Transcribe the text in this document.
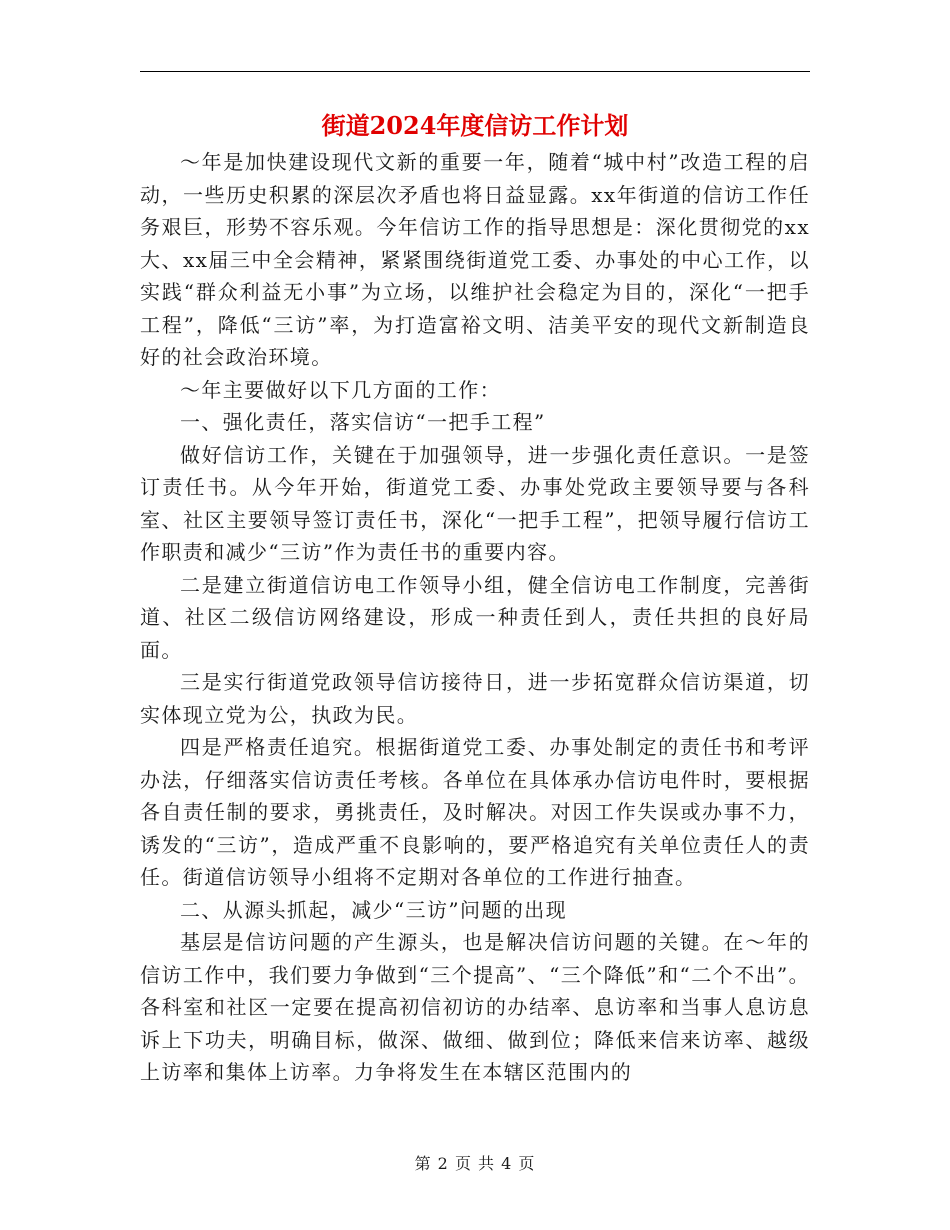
街道2024年度信访工作计划

～年是加快建设现代文新的重要一年，随着“城中村”改造工程的启动，一些历史积累的深层次矛盾也将日益显露。xx年街道的信访工作任务艰巨，形势不容乐观。今年信访工作的指导思想是：深化贯彻党的xx大、xx届三中全会精神，紧紧围绕街道党工委、办事处的中心工作，以实践“群众利益无小事”为立场，以维护社会稳定为目的，深化“一把手工程”，降低“三访”率，为打造富裕文明、洁美平安的现代文新制造良好的社会政治环境。

～年主要做好以下几方面的工作：

一、强化责任，落实信访“一把手工程”

做好信访工作，关键在于加强领导，进一步强化责任意识。一是签订责任书。从今年开始，街道党工委、办事处党政主要领导要与各科室、社区主要领导签订责任书，深化“一把手工程”，把领导履行信访工作职责和减少“三访”作为责任书的重要内容。

二是建立街道信访电工作领导小组，健全信访电工作制度，完善街道、社区二级信访网络建设，形成一种责任到人，责任共担的良好局面。

三是实行街道党政领导信访接待日，进一步拓宽群众信访渠道，切实体现立党为公，执政为民。

四是严格责任追究。根据街道党工委、办事处制定的责任书和考评办法，仔细落实信访责任考核。各单位在具体承办信访电件时，要根据各自责任制的要求，勇挑责任，及时解决。对因工作失误或办事不力，诱发的“三访”，造成严重不良影响的，要严格追究有关单位责任人的责任。街道信访领导小组将不定期对各单位的工作进行抽查。

二、从源头抓起，减少“三访”问题的出现

基层是信访问题的产生源头，也是解决信访问题的关键。在～年的信访工作中，我们要力争做到“三个提高”、“三个降低”和“二个不出”。各科室和社区一定要在提高初信初访的办结率、息访率和当事人息访息诉上下功夫，明确目标，做深、做细、做到位；降低来信来访率、越级上访率和集体上访率。力争将发生在本辖区范围内的

第 2 页 共 4 页
